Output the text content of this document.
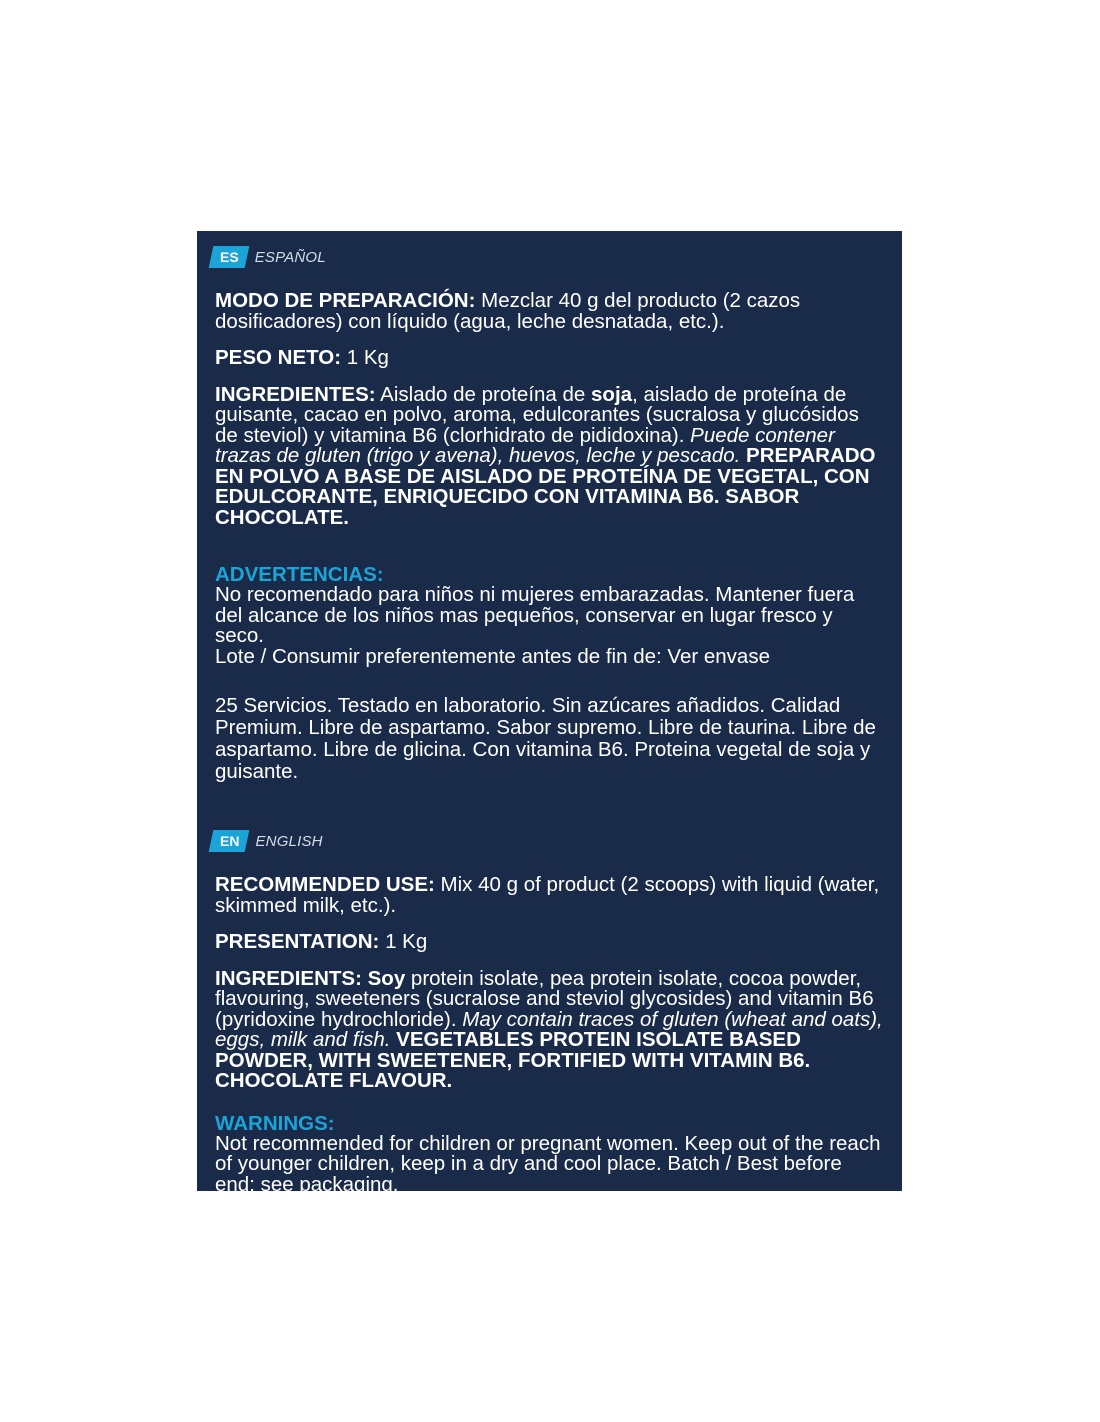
ES	ESPAÑOL

MODO DE PREPARACIÓN: Mezclar 40 g del producto (2 cazos dosificadores) con líquido (agua, leche desnatada, etc.).

PESO NETO: 1 Kg

INGREDIENTES: Aislado de proteína de soja, aislado de proteína de guisante, cacao en polvo, aroma, edulcorantes (sucralosa y glucósidos de steviol) y vitamina B6 (clorhidrato de pididoxina). Puede contener trazas de gluten (trigo y avena), huevos, leche y pescado. PREPARADO EN POLVO A BASE DE AISLADO DE PROTEÍNA DE VEGETAL, CON EDULCORANTE, ENRIQUECIDO CON VITAMINA B6. SABOR CHOCOLATE.

ADVERTENCIAS:

No recomendado para niños ni mujeres embarazadas. Mantener fuera del alcance de los niños mas pequeños, conservar en lugar fresco y seco.

Lote / Consumir preferentemente antes de fin de: Ver envase

25 Servicios. Testado en laboratorio. Sin azúcares añadidos. Calidad Premium. Libre de aspartamo. Sabor supremo. Libre de taurina. Libre de aspartamo. Libre de glicina. Con vitamina B6. Proteina vegetal de soja y guisante.

EN	ENGLISH

RECOMMENDED USE: Mix 40 g of product (2 scoops) with liquid (water, skimmed milk, etc.).

PRESENTATION: 1 Kg

INGREDIENTS: Soy protein isolate, pea protein isolate, cocoa powder, flavouring, sweeteners (sucralose and steviol glycosides) and vitamin B6 (pyridoxine hydrochloride). May contain traces of gluten (wheat and oats), eggs, milk and fish. VEGETABLES PROTEIN ISOLATE BASED POWDER, WITH SWEETENER, FORTIFIED WITH VITAMIN B6. CHOCOLATE FLAVOUR.

WARNINGS:

Not recommended for children or pregnant women. Keep out of the reach of younger children, keep in a dry and cool place. Batch / Best before end: see packaging.
